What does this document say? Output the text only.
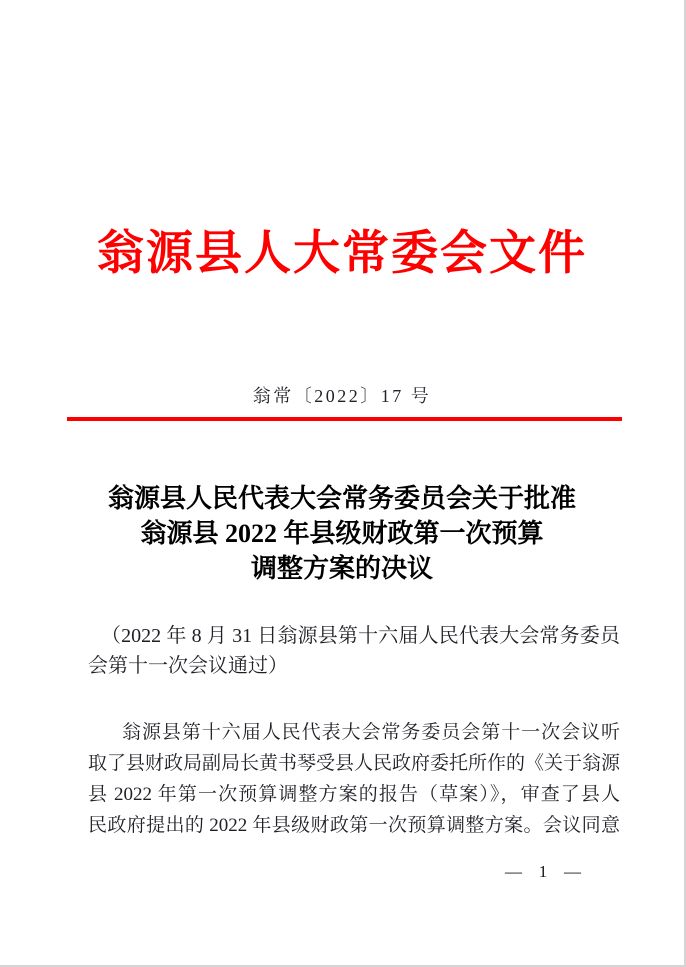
翁源县人大常委会文件
翁常〔2022〕17 号
翁源县人民代表大会常务委员会关于批准
翁源县 2022 年县级财政第一次预算
调整方案的决议
（2022 年 8 月 31 日翁源县第十六届人民代表大会常务委员
会第十一次会议通过）
翁源县第十六届人民代表大会常务委员会第十一次会议听
取了县财政局副局长黄书琴受县人民政府委托所作的《关于翁源
县 2022 年第一次预算调整方案的报告（草案）》，审查了县人
民政府提出的 2022 年县级财政第一次预算调整方案。会议同意
— 1 —
